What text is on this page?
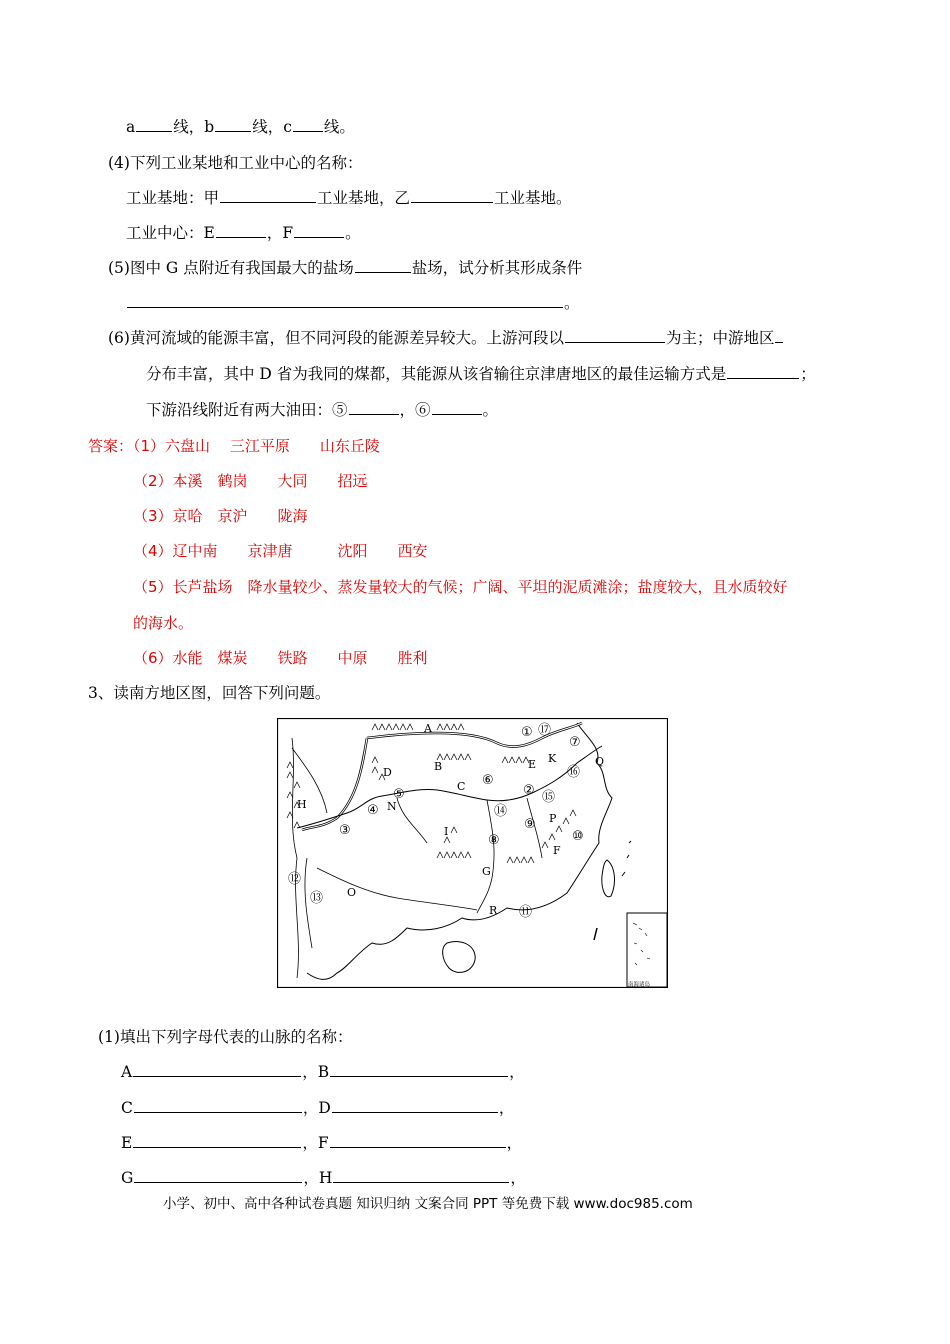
a 线，b 线，c 线。
(4)下列工业某地和工业中心的名称：
工业基地：甲	工业基地，乙	工业基地。
工业中心：E	，F	。
(5)图中 G 点附近有我国最大的盐场	盐场，试分析其形成条件
。
(6)黄河流域的能源丰富，但不同河段的能源差异较大。上游河段以	为主；中游地区
分布丰富，其中 D 省为我同的煤都，其能源从该省输往京津唐地区的最佳运输方式是	；
下游沿线附近有两大油田：⑤	，⑥	。
答案：（1）六盘山　 三江平原　　山东丘陵
（2）本溪　鹤岗　　大同　　招远
（3）京哈　京沪　　陇海
（4）辽中南　　京津唐　　　沈阳　　西安
（5）长芦盐场　降水量较少、蒸发量较大的气候；广阔、平坦的泥质滩涂；盐度较大，且水质较好
的海水。
（6）水能　煤炭　　铁路　　中原　　胜利
3、读南方地区图，回答下列问题。
A
B
C
D
E K
N
H
I
G
R
O
P
F
Q
① ⑰
⑦
⑯
⑥
② ⑮
⑭
⑨
⑩
⑧
③
④
⑤
⑫
⑬
⑪
南海诸岛
(1)填出下列字母代表的山脉的名称：
A	，B	，
C	，D	，
E	，F	，
G	，H	，
小学、初中、高中各种试卷真题 知识归纳 文案合同 PPT 等免费下载 www.doc985.com
